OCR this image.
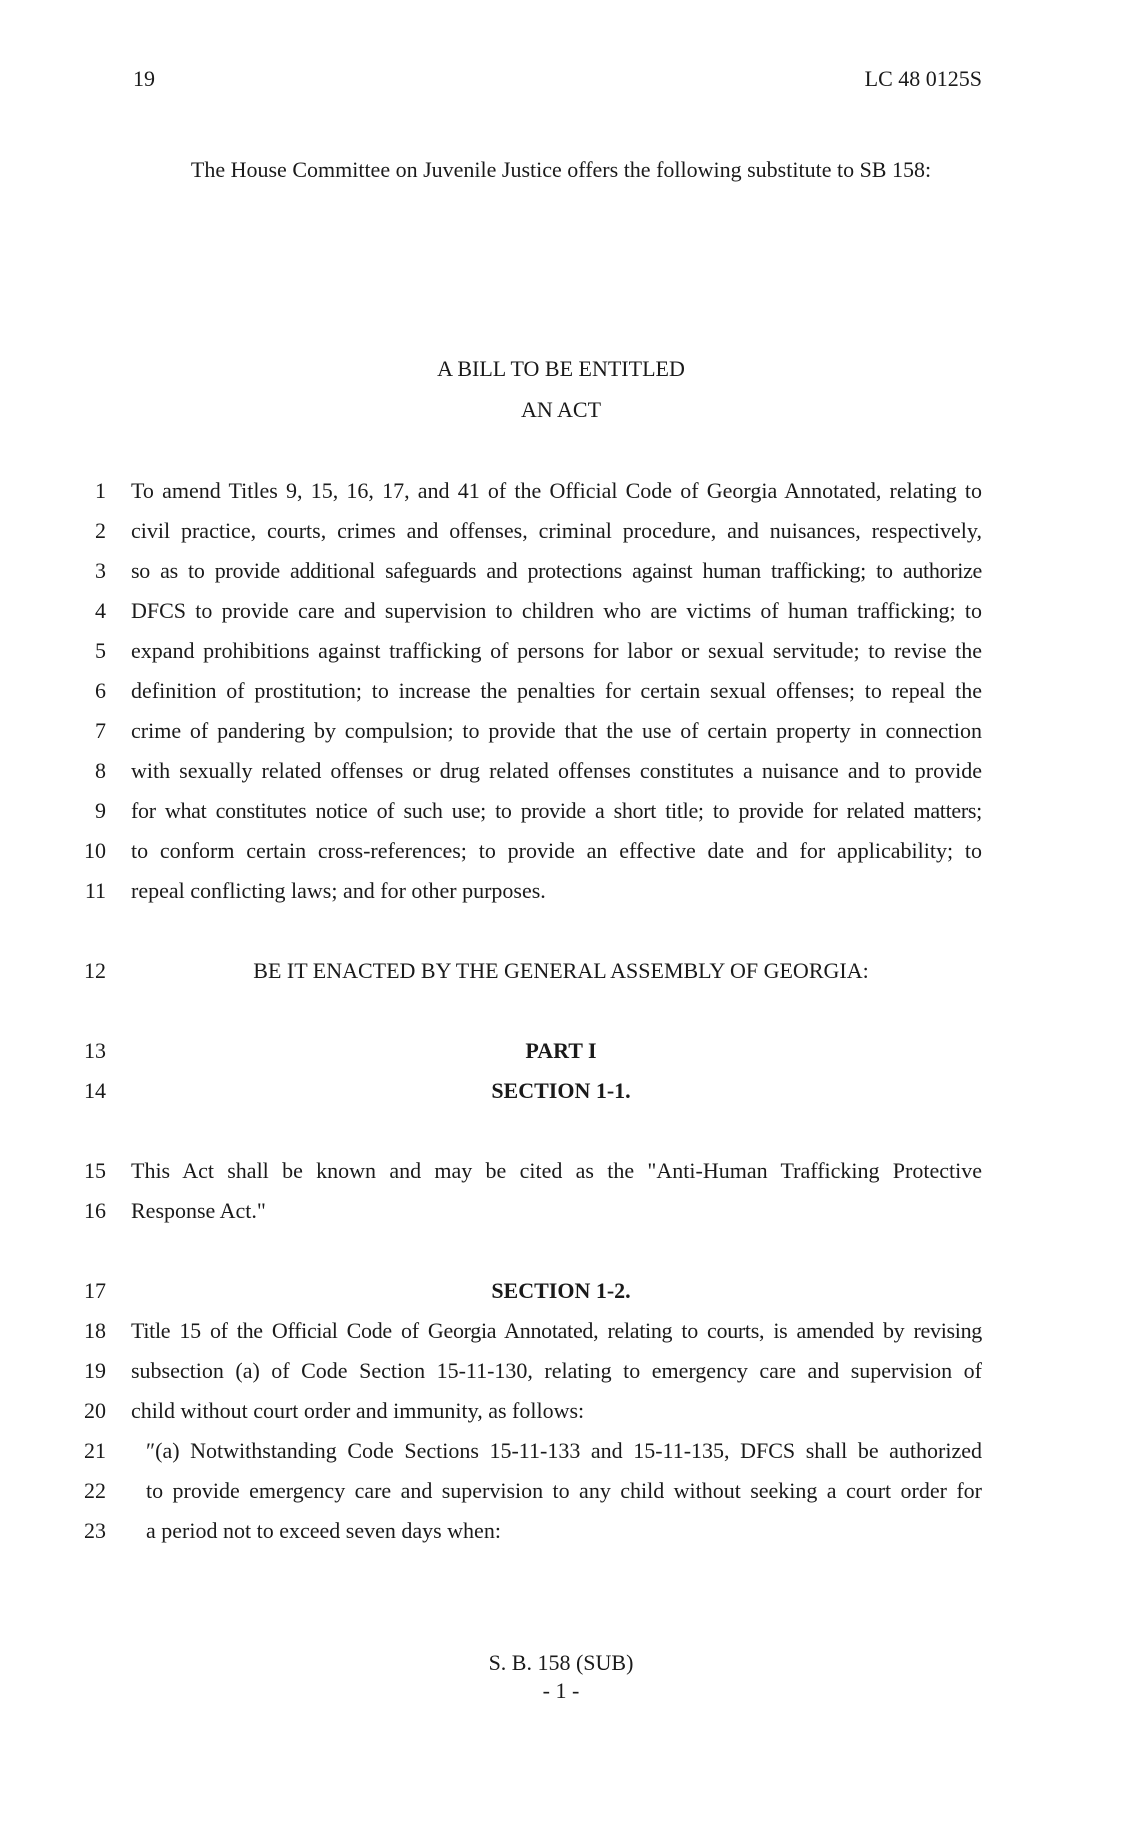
19	LC 48 0125S
The House Committee on Juvenile Justice offers the following substitute to SB 158:
A BILL TO BE ENTITLED
AN ACT
1 To amend Titles 9, 15, 16, 17, and 41 of the Official Code of Georgia Annotated, relating to
2 civil practice, courts, crimes and offenses, criminal procedure, and nuisances, respectively,
3 so as to provide additional safeguards and protections against human trafficking; to authorize
4 DFCS to provide care and supervision to children who are victims of human trafficking; to
5 expand prohibitions against trafficking of persons for labor or sexual servitude; to revise the
6 definition of prostitution; to increase the penalties for certain sexual offenses; to repeal the
7 crime of pandering by compulsion; to provide that the use of certain property in connection
8 with sexually related offenses or drug related offenses constitutes a nuisance and to provide
9 for what constitutes notice of such use; to provide a short title; to provide for related matters;
10 to conform certain cross-references; to provide an effective date and for applicability; to
11 repeal conflicting laws; and for other purposes.
12	BE IT ENACTED BY THE GENERAL ASSEMBLY OF GEORGIA:
13	PART I
14	SECTION 1-1.
15 This Act shall be known and may be cited as the "Anti-Human Trafficking Protective
16 Response Act."
17	SECTION 1-2.
18 Title 15 of the Official Code of Georgia Annotated, relating to courts, is amended by revising
19 subsection (a) of Code Section 15-11-130, relating to emergency care and supervision of
20 child without court order and immunity, as follows:
21 ″(a) Notwithstanding Code Sections 15-11-133 and 15-11-135, DFCS shall be authorized
22 to provide emergency care and supervision to any child without seeking a court order for
23 a period not to exceed seven days when:
S. B. 158 (SUB)
- 1 -
